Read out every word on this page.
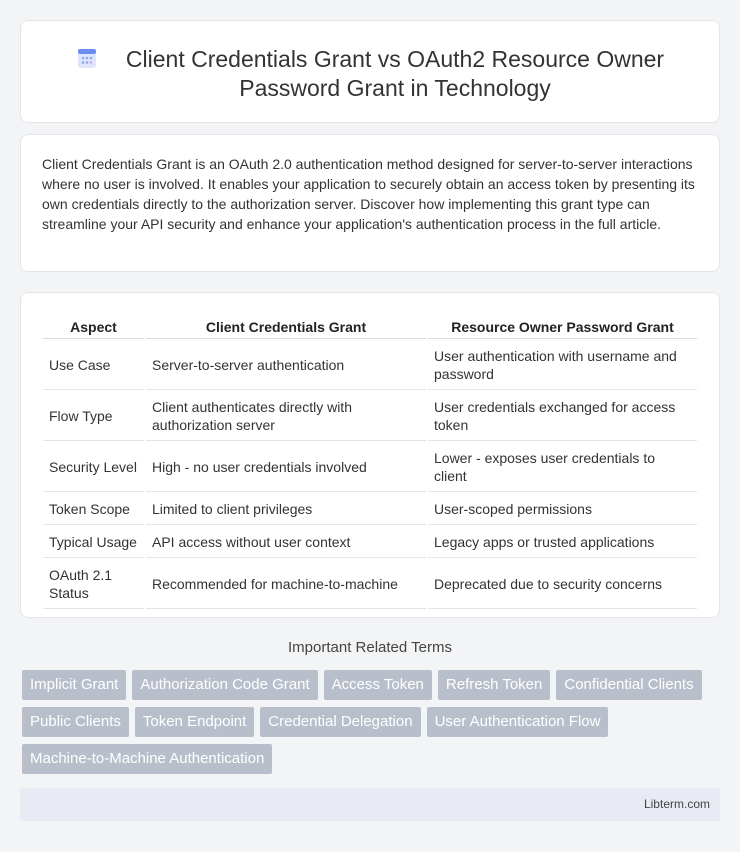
Client Credentials Grant vs OAuth2 Resource Owner Password Grant in Technology

Client Credentials Grant is an OAuth 2.0 authentication method designed for server-to-server interactions where no user is involved. It enables your application to securely obtain an access token by presenting its own credentials directly to the authorization server. Discover how implementing this grant type can streamline your API security and enhance your application's authentication process in the full article.

Aspect	Client Credentials Grant	Resource Owner Password Grant
Use Case	Server-to-server authentication	User authentication with username and password
Flow Type	Client authenticates directly with authorization server	User credentials exchanged for access token
Security Level	High - no user credentials involved	Lower - exposes user credentials to client
Token Scope	Limited to client privileges	User-scoped permissions
Typical Usage	API access without user context	Legacy apps or trusted applications
OAuth 2.1 Status	Recommended for machine-to-machine	Deprecated due to security concerns
Important Related Terms
Implicit Grant	Authorization Code Grant	Access Token	Refresh Token	Confidential Clients
Public Clients	Token Endpoint	Credential Delegation	User Authentication Flow
Machine-to-Machine Authentication
Libterm.com
